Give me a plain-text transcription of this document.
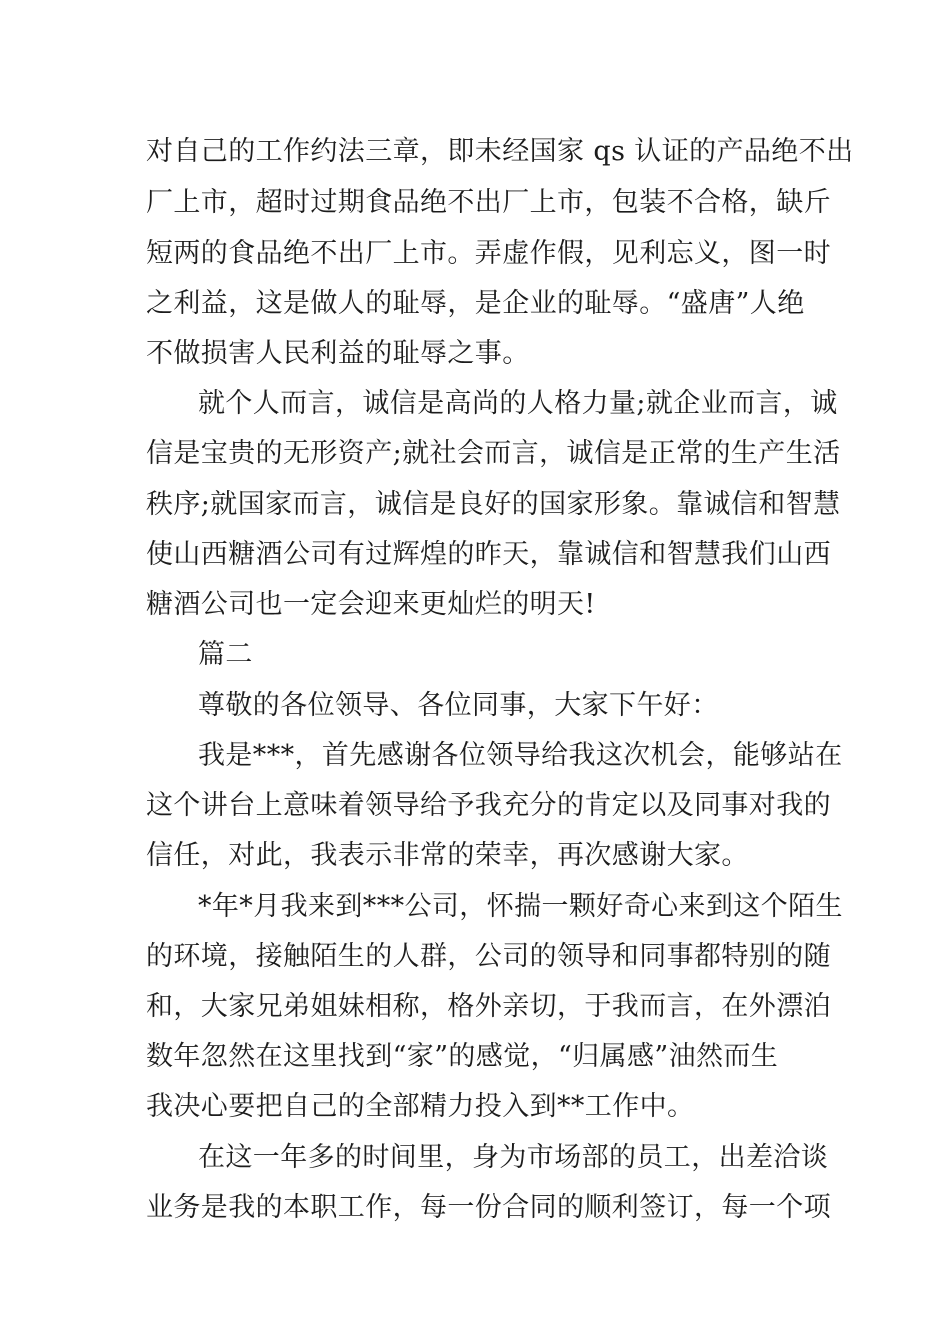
对自己的工作约法三章，即未经国家 qs 认证的产品绝不出
厂上市，超时过期食品绝不出厂上市，包装不合格，缺斤
短两的食品绝不出厂上市。弄虚作假，见利忘义，图一时
之利益，这是做人的耻辱，是企业的耻辱。“盛唐”人绝
不做损害人民利益的耻辱之事。
就个人而言，诚信是高尚的人格力量;就企业而言，诚
信是宝贵的无形资产;就社会而言，诚信是正常的生产生活
秩序;就国家而言，诚信是良好的国家形象。靠诚信和智慧
使山西糖酒公司有过辉煌的昨天，靠诚信和智慧我们山西
糖酒公司也一定会迎来更灿烂的明天!
篇二
尊敬的各位领导、各位同事，大家下午好：
我是***，首先感谢各位领导给我这次机会，能够站在
这个讲台上意味着领导给予我充分的肯定以及同事对我的
信任，对此，我表示非常的荣幸，再次感谢大家。
*年*月我来到***公司，怀揣一颗好奇心来到这个陌生
的环境，接触陌生的人群，公司的领导和同事都特别的随
和，大家兄弟姐妹相称，格外亲切，于我而言，在外漂泊
数年忽然在这里找到“家”的感觉，“归属感”油然而生
我决心要把自己的全部精力投入到**工作中。
在这一年多的时间里，身为市场部的员工，出差洽谈
业务是我的本职工作，每一份合同的顺利签订，每一个项
